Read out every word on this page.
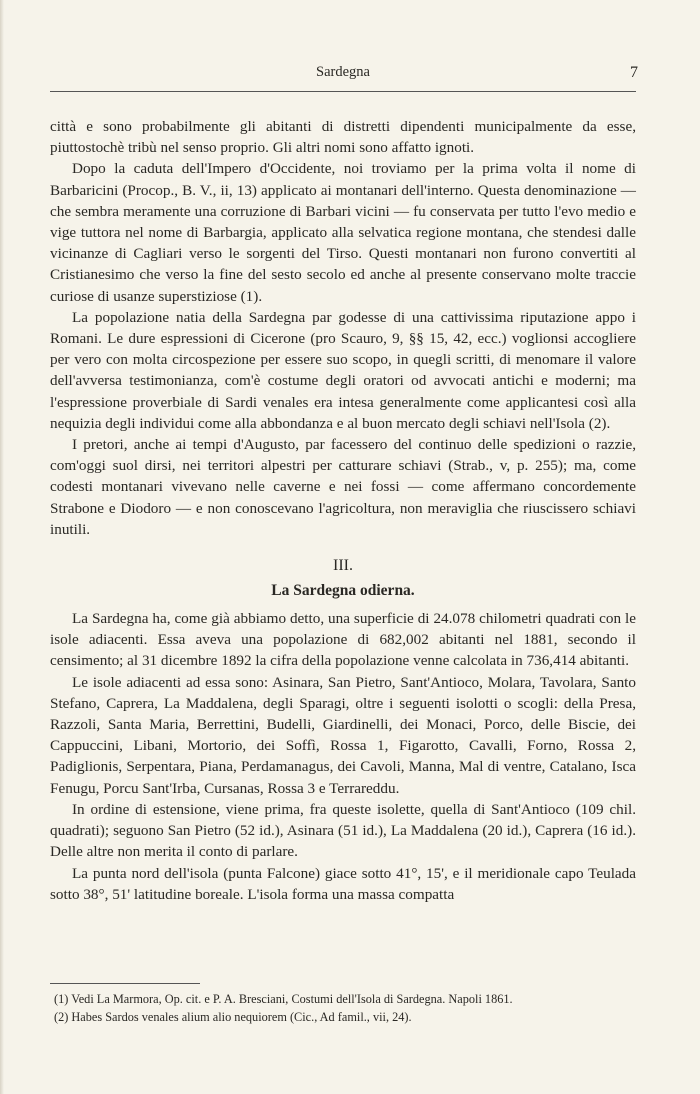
Sardegna	7

città e sono probabilmente gli abitanti di distretti dipendenti municipalmente da esse, piuttostochè tribù nel senso proprio. Gli altri nomi sono affatto ignoti.

Dopo la caduta dell'Impero d'Occidente, noi troviamo per la prima volta il nome di Barbaricini (Procop., B. V., ii, 13) applicato ai montanari dell'interno. Questa denominazione — che sembra meramente una corruzione di Barbari vicini — fu conservata per tutto l'evo medio e vige tuttora nel nome di Barbargia, applicato alla selvatica regione montana, che stendesi dalle vicinanze di Cagliari verso le sorgenti del Tirso. Questi montanari non furono convertiti al Cristianesimo che verso la fine del sesto secolo ed anche al presente conservano molte traccie curiose di usanze superstiziose (1).

La popolazione natia della Sardegna par godesse di una cattivissima riputazione appo i Romani. Le dure espressioni di Cicerone (pro Scauro, 9, §§ 15, 42, ecc.) voglionsi accogliere per vero con molta circospezione per essere suo scopo, in quegli scritti, di menomare il valore dell'avversa testimonianza, com'è costume degli oratori od avvocati antichi e moderni; ma l'espressione proverbiale di Sardi venales era intesa generalmente come applicantesi così alla nequizia degli individui come alla abbondanza e al buon mercato degli schiavi nell'Isola (2).

I pretori, anche ai tempi d'Augusto, par facessero del continuo delle spedizioni o razzie, com'oggi suol dirsi, nei territori alpestri per catturare schiavi (Strab., v, p. 255); ma, come codesti montanari vivevano nelle caverne e nei fossi — come affermano concordemente Strabone e Diodoro — e non conoscevano l'agricoltura, non meraviglia che riuscissero schiavi inutili.

III.
La Sardegna odierna.

La Sardegna ha, come già abbiamo detto, una superficie di 24.078 chilometri quadrati con le isole adiacenti. Essa aveva una popolazione di 682,002 abitanti nel 1881, secondo il censimento; al 31 dicembre 1892 la cifra della popolazione venne calcolata in 736,414 abitanti.

Le isole adiacenti ad essa sono: Asinara, San Pietro, Sant'Antioco, Molara, Tavolara, Santo Stefano, Caprera, La Maddalena, degli Sparagi, oltre i seguenti isolotti o scogli: della Presa, Razzoli, Santa Maria, Berrettini, Budelli, Giardinelli, dei Monaci, Porco, delle Biscie, dei Cappuccini, Libani, Mortorio, dei Soffì, Rossa 1, Figarotto, Cavalli, Forno, Rossa 2, Padiglionis, Serpentara, Piana, Perdamanagus, dei Cavoli, Manna, Mal di ventre, Catalano, Isca Fenugu, Porcu Sant'Irba, Cursanas, Rossa 3 e Terrareddu.

In ordine di estensione, viene prima, fra queste isolette, quella di Sant'Antioco (109 chil. quadrati); seguono San Pietro (52 id.), Asinara (51 id.), La Maddalena (20 id.), Caprera (16 id.). Delle altre non merita il conto di parlare.

La punta nord dell'isola (punta Falcone) giace sotto 41°, 15', e il meridionale capo Teulada sotto 38°, 51' latitudine boreale. L'isola forma una massa compatta

(1) Vedi La Marmora, Op. cit. e P. A. Bresciani, Costumi dell'Isola di Sardegna. Napoli 1861.

(2) Habes Sardos venales alium alio nequiorem (Cic., Ad famil., vii, 24).
